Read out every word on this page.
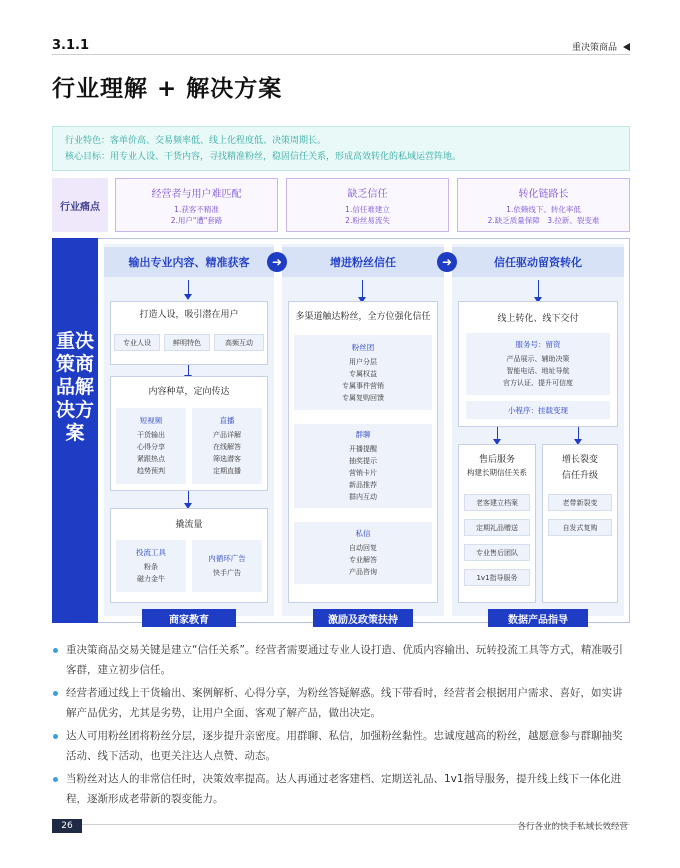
3.1.1	重决策商品
行业理解 + 解决方案
行业特色：客单价高、交易频率低、线上化程度低、决策周期长。
核心目标：用专业人设、干货内容，寻找精准粉丝，稳固信任关系，形成高效转化的私域运营阵地。
行业痛点
经营者与用户难匹配
1.获客不精准
2.用户"遭"套路
缺乏信任
1.信任难建立
2.粉丝易流失
转化链路长
1.依赖线下、转化率低
2.缺乏质量保障　3.拉新、裂变难
重决策商品解决方案
输出专业内容、精准获客	增进粉丝信任	信任驱动留资转化
➜	➜
打造人设，吸引潜在用户
专业人设	鲜明特色	高频互动
内容种草，定向传达
短视频
干货输出
心得分享
紧跟热点
趋势预判
直播
产品详解
在线解答
筛选潜客
定期直播
撬流量
投流工具
粉条
磁力金牛
内循环广告
快手广告
商家教育
多渠道触达粉丝，全方位强化信任
粉丝团
用户分层
专属权益
专属事件营销
专属复购回馈
群聊
开播提醒
抽奖提示
营销卡片
新品推荐
群内互动
私信
自动回复
专业解答
产品咨询
激励及政策扶持
线上转化、线下交付
服务号：留资
产品展示、辅助决策
智能电话、地址导航
官方认证、提升可信度
小程序：挂载变现
售后服务
构建长期信任关系
老客建立档案
定期礼品赠送
专业售后团队
1v1指导服务
增长裂变
信任升级
老带新裂变
自发式复购
数据产品指导
重决策商品交易关键是建立“信任关系”。经营者需要通过专业人设打造、优质内容输出、玩转投流工具等方式，精准吸引客群，建立初步信任。
经营者通过线上干货输出、案例解析、心得分享，为粉丝答疑解惑。线下带看时，经营者会根据用户需求、喜好，如实讲解产品优劣，尤其是劣势，让用户全面、客观了解产品，做出决定。
达人可用粉丝团将粉丝分层，逐步提升亲密度。用群聊、私信，加强粉丝黏性。忠诚度越高的粉丝，越愿意参与群聊抽奖活动、线下活动，也更关注达人点赞、动态。
当粉丝对达人的非常信任时，决策效率提高。达人再通过老客建档、定期送礼品、1v1指导服务，提升线上线下一体化进程，逐渐形成老带新的裂变能力。
26	各行各业的快手私域长效经营
